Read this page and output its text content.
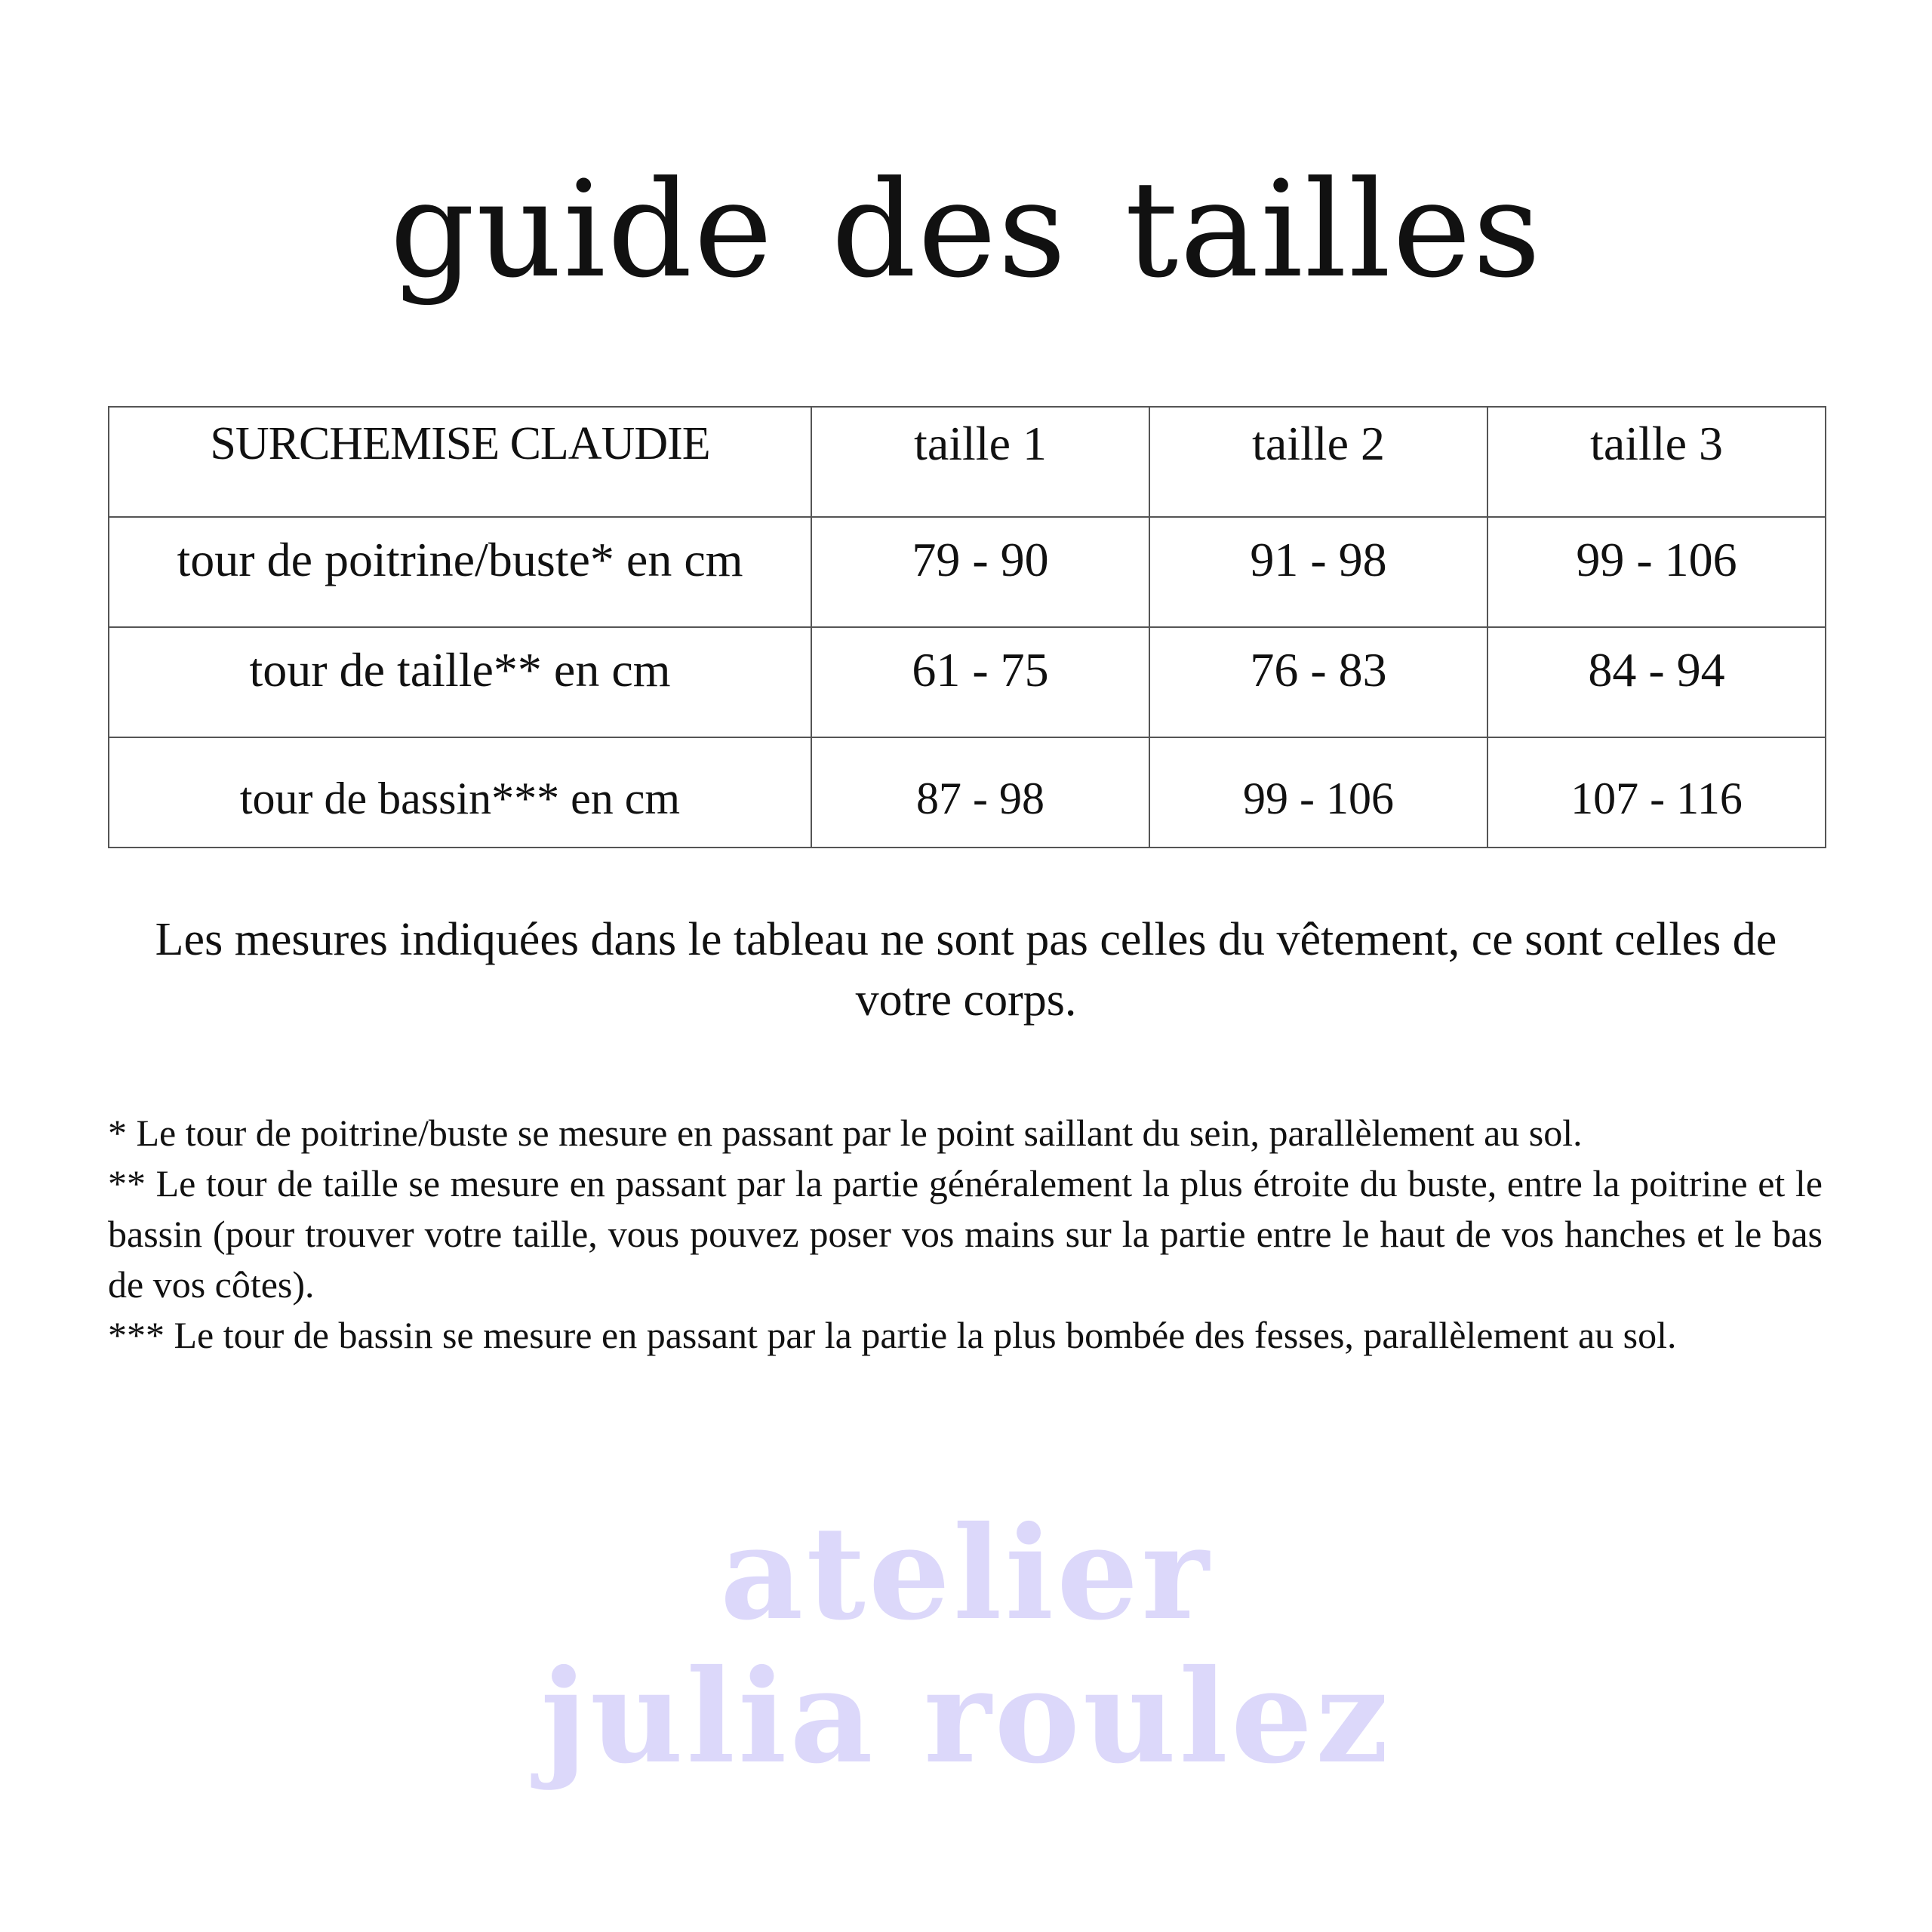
guide des tailles
SURCHEMISE CLAUDIE	taille 1	taille 2	taille 3

tour de poitrine/buste* en cm	79 - 90	91 - 98	99 - 106

tour de taille** en cm	61 - 75	76 - 83	84 - 94

tour de bassin*** en cm	87 - 98	99 - 106	107 - 116

Les mesures indiquées dans le tableau ne sont pas celles du vêtement, ce sont celles de votre corps.

* Le tour de poitrine/buste se mesure en passant par le point saillant du sein, parallèlement au sol.

** Le tour de taille se mesure en passant par la partie généralement la plus étroite du buste, entre la poitrine et le bassin (pour trouver votre taille, vous pouvez poser vos mains sur la partie entre le haut de vos hanches et le bas de vos côtes).

*** Le tour de bassin se mesure en passant par la partie la plus bombée des fesses, parallèlement au sol.

atelier
julia roulez
